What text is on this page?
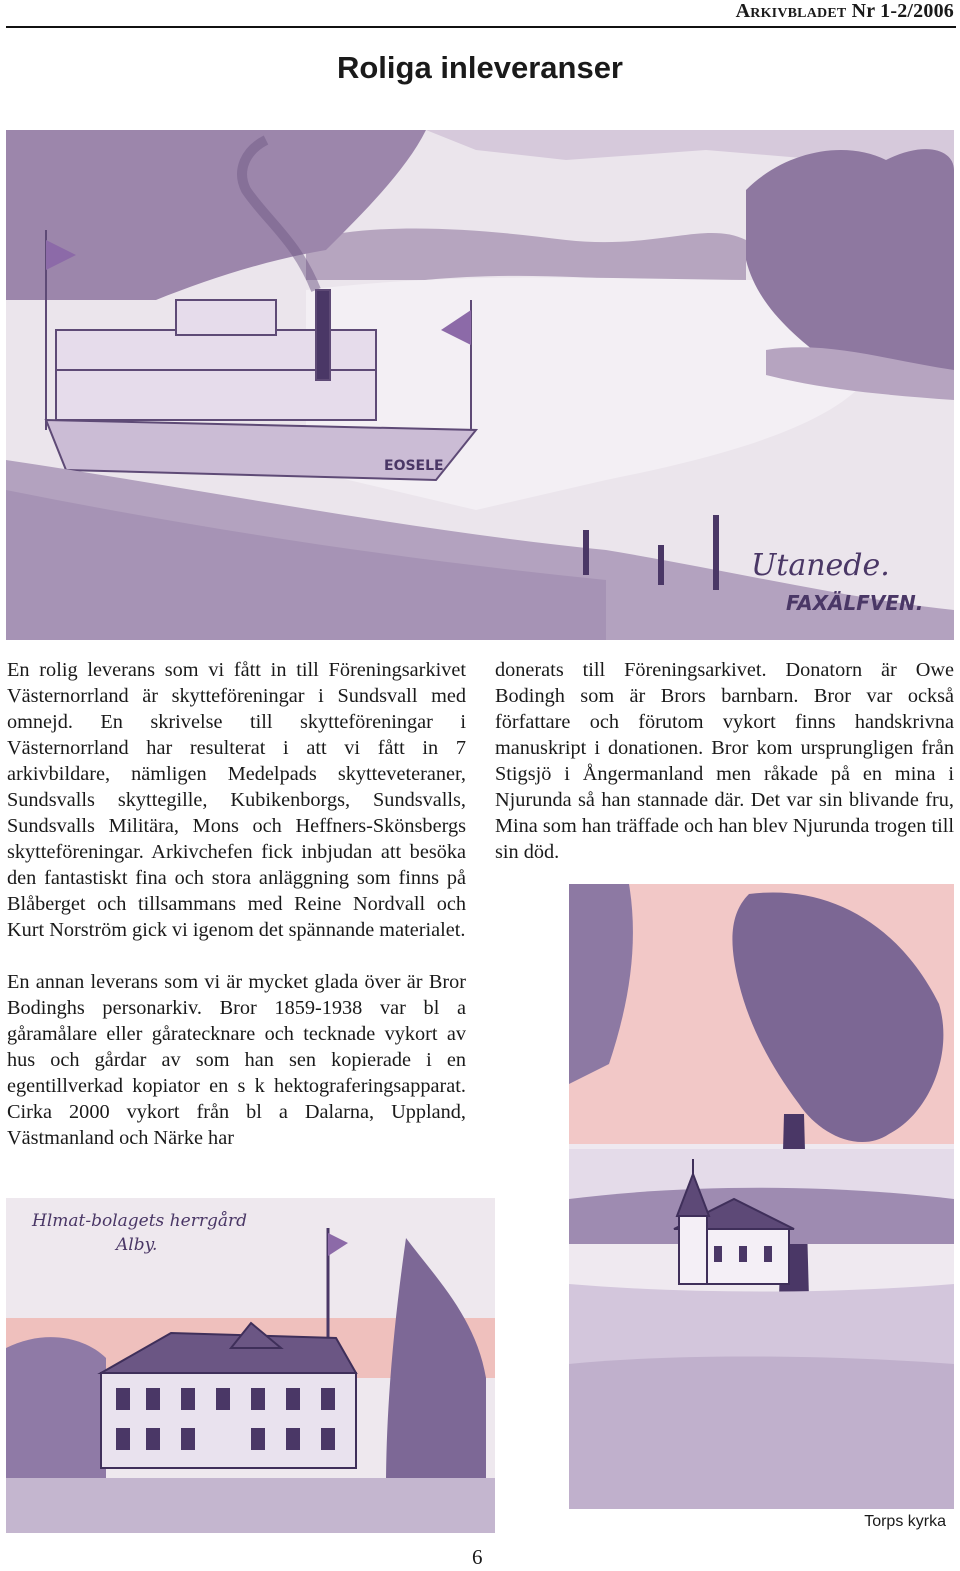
Arkivbladet Nr 1-2/2006
Roliga inleveranser
EOSELE
Utanede.
FAXÄLFVEN.

En rolig leverans som vi fått in till Föreningsarkivet Västernorrland är skytteföreningar i Sundsvall med omnejd. En skrivelse till skytteföreningar i Västernorrland har resulterat i att vi fått in 7 arkivbildare, nämligen Medelpads skytteveteraner, Sundsvalls skyttegille, Kubikenborgs, Sundsvalls, Sundsvalls Militära, Mons och Heffners-Skönsbergs skytteföreningar. Arkivchefen fick inbjudan att besöka den fantastiskt fina och stora anläggning som finns på Blåberget och tillsammans med Reine Nordvall och Kurt Norström gick vi igenom det spännande materialet.

En annan leverans som vi är mycket glada över är Bror Bodinghs personarkiv. Bror 1859-1938 var bl a gåramålare eller gåratecknare och tecknade vykort av hus och gårdar av som han sen kopierade i en egentillverkad kopiator en s k hektograferingsapparat. Cirka 2000 vykort från bl a Dalarna, Uppland, Västmanland och Närke har

donerats till Föreningsarkivet. Donatorn är Owe Bodingh som är Brors barnbarn. Bror var också författare och förutom vykort finns handskrivna manuskript i donationen. Bror kom ursprungligen från Stigsjö i Ångermanland men råkade på en mina i Njurunda så han stannade där. Det var sin blivande fru, Mina som han träffade och han blev Njurunda trogen till sin död.

Hlmat-bolagets herrgård
Alby.
Torps kyrka
6
